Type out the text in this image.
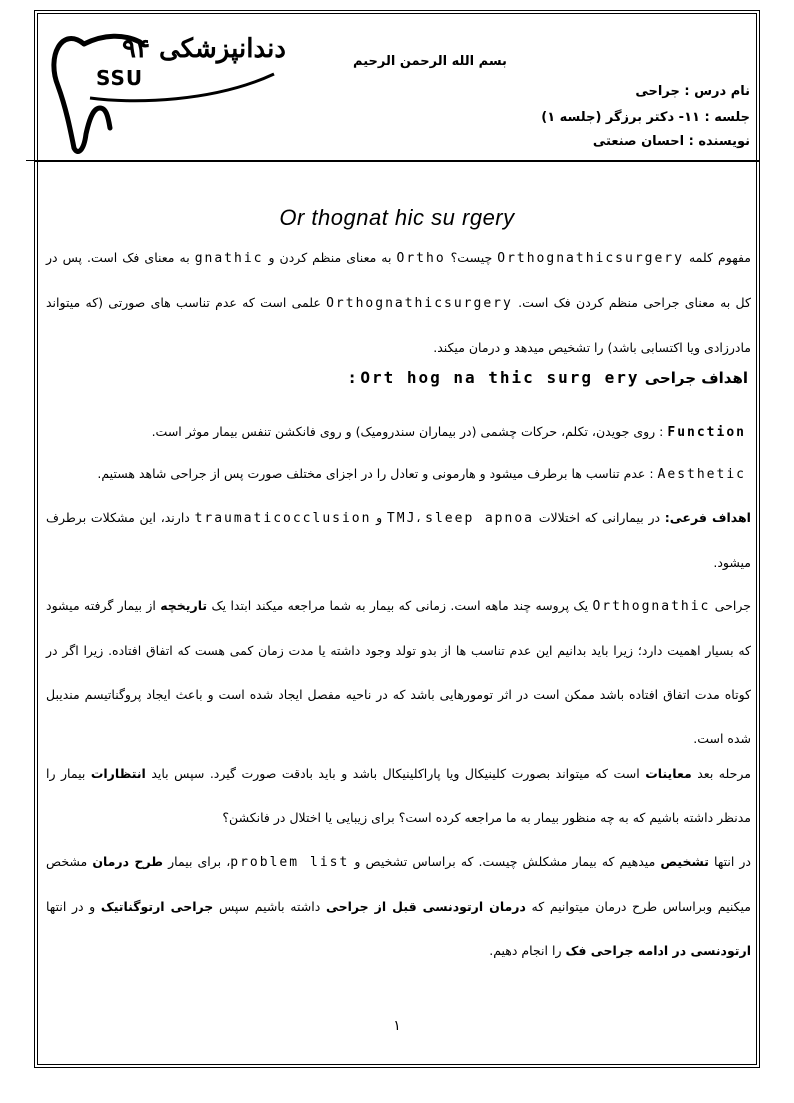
دندانپزشکی ۹۴
SSU
بسم الله الرحمن الرحیم
نام درس : جراحی
جلسه : ۱۱- دکتر برزگر (جلسه ۱)
نویسنده : احسان صنعتی
Or thognat hic su rgery
مفهوم کلمه Orthognathicsurgery چیست؟ Ortho به معنای منظم کردن و gnathic به معنای فک است. پس در کل به معنای جراحی منظم کردن فک است. Orthognathicsurgery علمی است که عدم تناسب های صورتی (که میتواند مادرزادی ویا اکتسابی باشد) را تشخیص میدهد و درمان میکند.
اهداف جراحی Ort hog na thic surg ery :
Function : روی جویدن، تکلم، حرکات چشمی (در بیماران سندرومیک) و روی فانکشن تنفس بیمار موثر است.
Aesthetic : عدم تناسب ها برطرف میشود و هارمونی و تعادل را در اجزای مختلف صورت پس از جراحی شاهد هستیم.
اهداف فرعی: در بیمارانی که اختلالات TMJ، sleep apnoa و traumaticocclusion دارند، این مشکلات برطرف میشود.
جراحی Orthognathic یک پروسه چند ماهه است. زمانی که بیمار به شما مراجعه میکند ابتدا یک تاریخچه از بیمار گرفته میشود که بسیار اهمیت دارد؛ زیرا باید بدانیم این عدم تناسب ها از بدو تولد وجود داشته یا مدت زمان کمی هست که اتفاق افتاده. زیرا اگر در کوتاه مدت اتفاق افتاده باشد ممکن است در اثر تومورهایی باشد که در ناحیه مفصل ایجاد شده است و باعث ایجاد پروگناتیسم مندیبل شده است.
مرحله بعد معاینات است که میتواند بصورت کلینیکال ویا پاراکلینیکال باشد و باید بادقت صورت گیرد. سپس باید انتظارات بیمار را مدنظر داشته باشیم که به چه منظور بیمار به ما مراجعه کرده است؟ برای زیبایی یا اختلال در فانکشن؟
در انتها تشخیص میدهیم که بیمار مشکلش چیست. که براساس تشخیص و problem list، برای بیمار طرح درمان مشخص میکنیم وبراساس طرح درمان میتوانیم که درمان ارتودنسی قبل از جراحی داشته باشیم سپس جراحی ارتوگناتیک و در انتها ارتودنسی در ادامه جراحی فک را انجام دهیم.
۱
